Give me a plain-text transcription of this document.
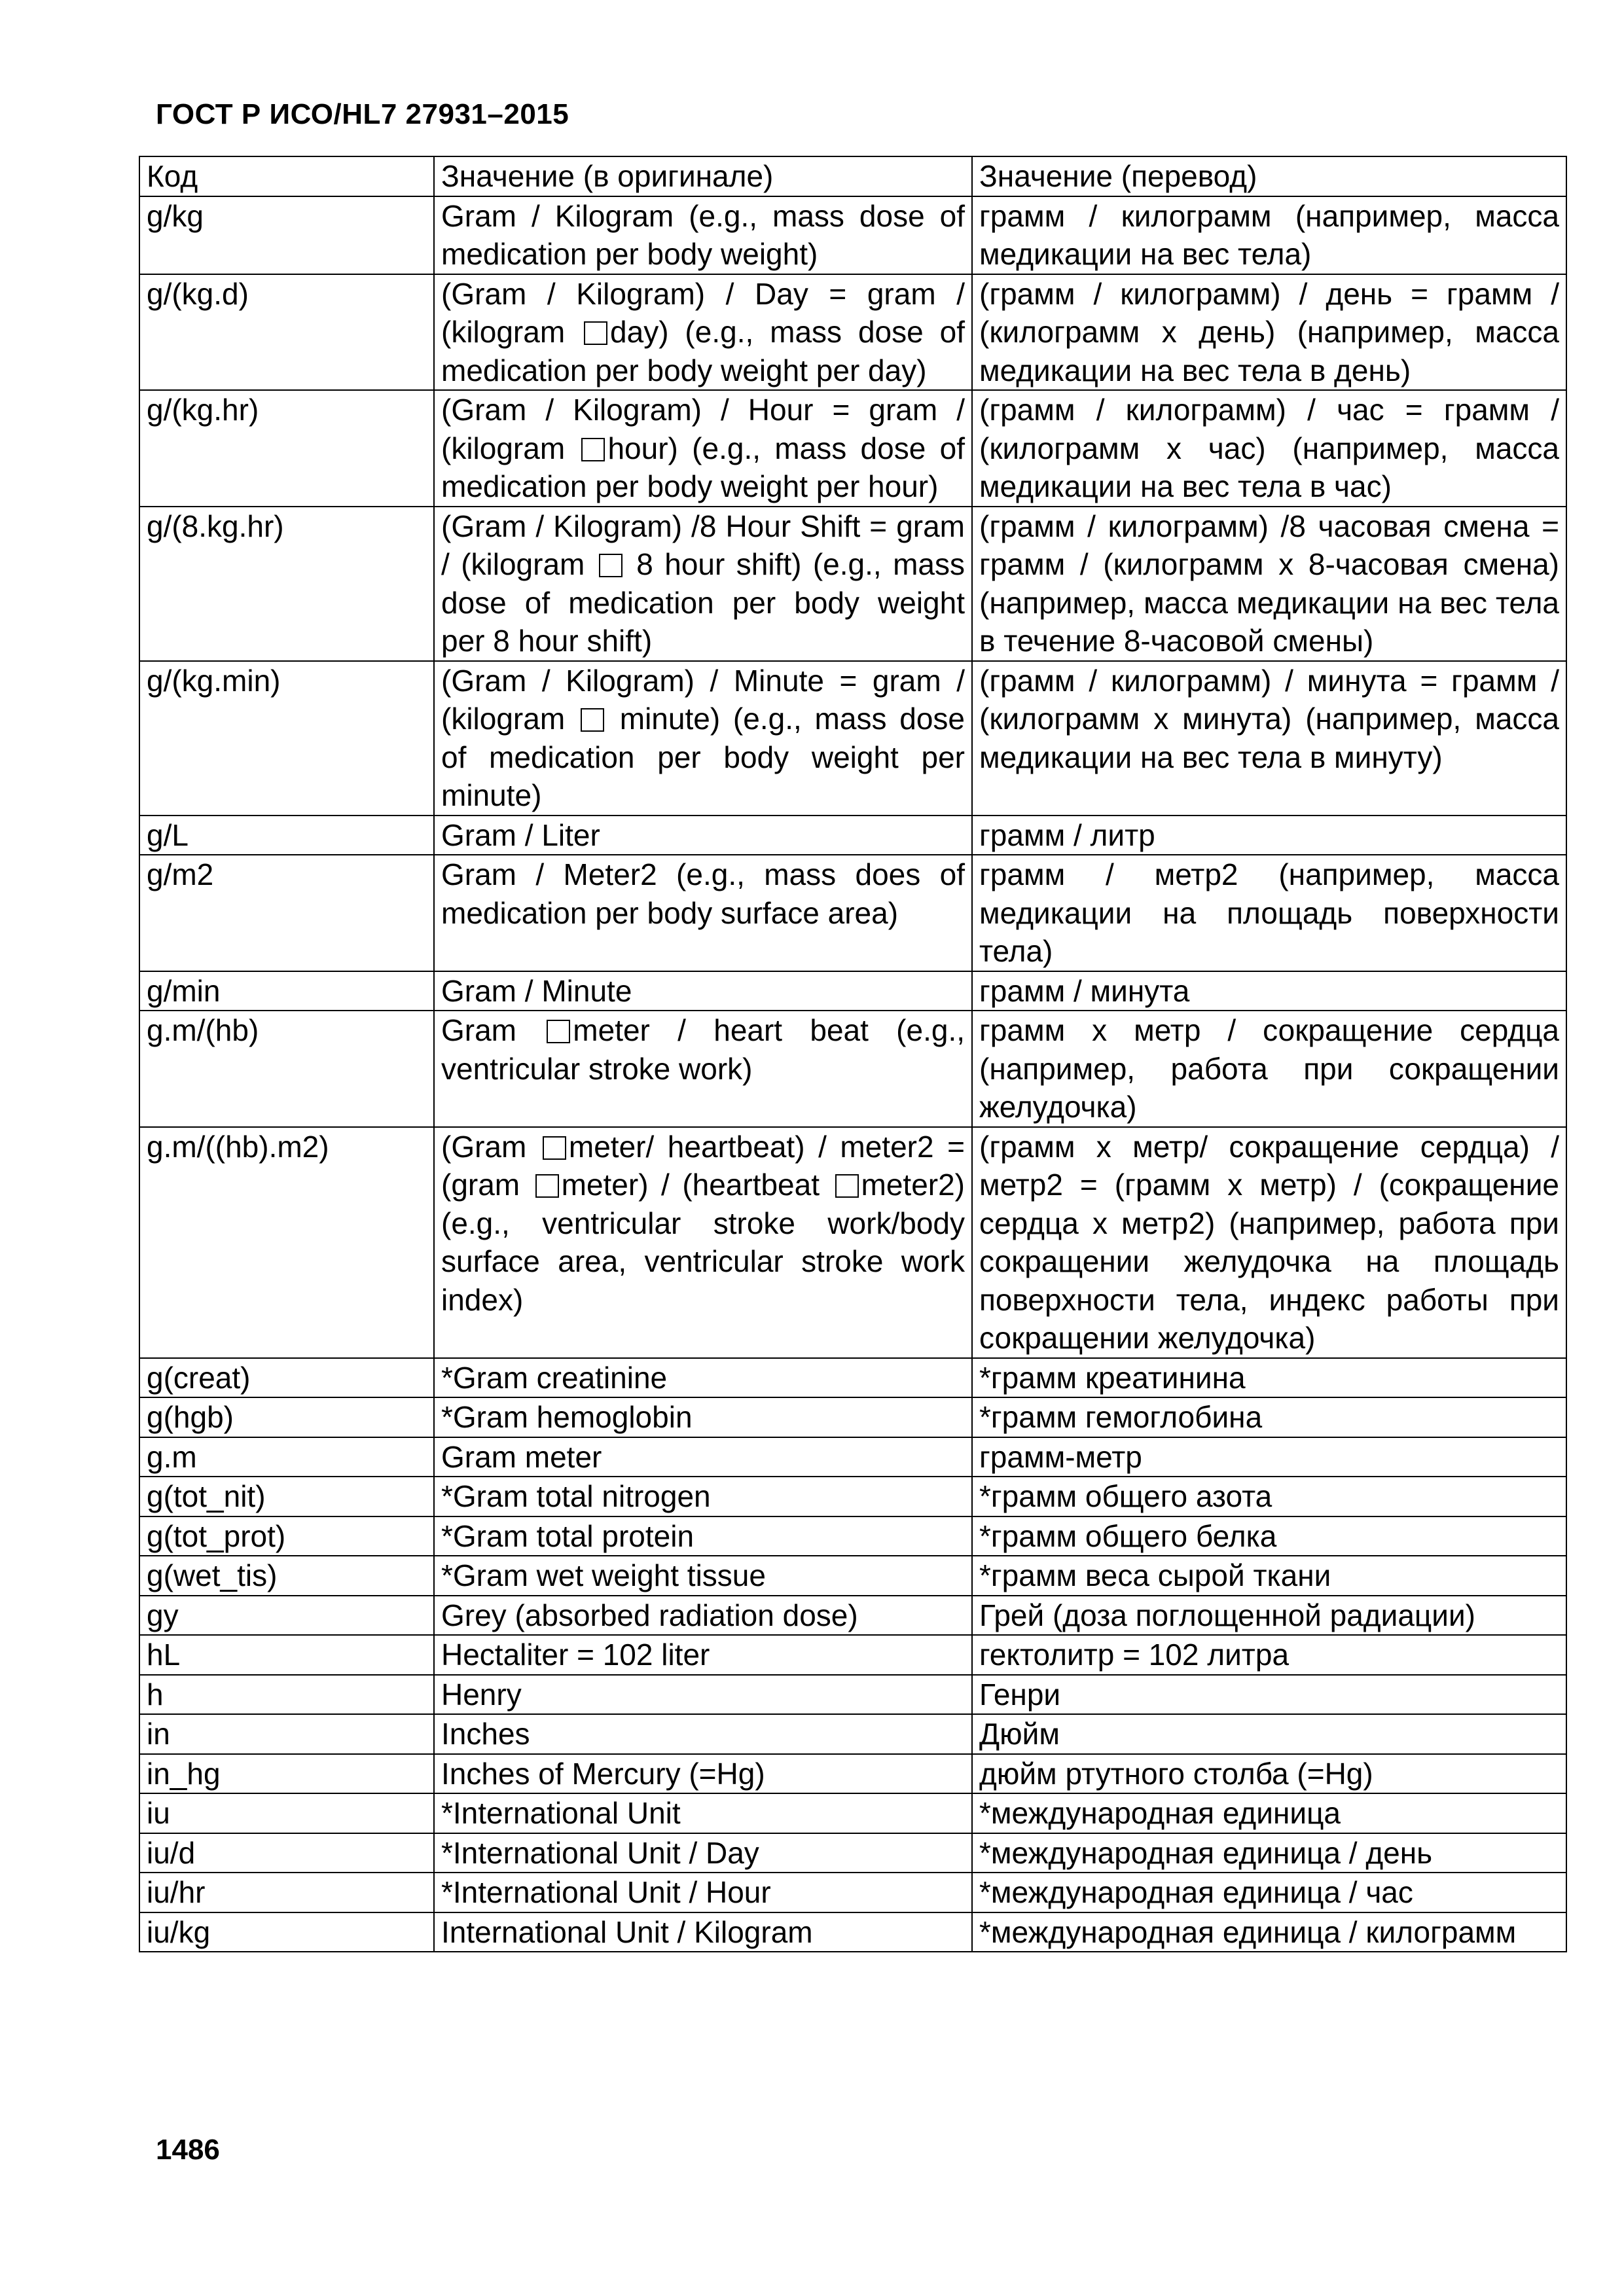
ГОСТ Р ИСО/HL7 27931–2015
Код	Значение (в оригинале)	Значение (перевод)
g/kg	Gram / Kilogram (e.g., mass dose of medication per body weight)	грамм / килограмм (например, масса медикации на вес тела)
g/(kg.d)	(Gram / Kilogram) / Day = gram / (kilogram day) (e.g., mass dose of medication per body weight per day)	(грамм / килограмм) / день = грамм / (килограмм х день) (например, масса медикации на вес тела в день)
g/(kg.hr)	(Gram / Kilogram) / Hour = gram / (kilogram hour) (e.g., mass dose of medication per body weight per hour)	(грамм / килограмм) / час = грамм / (килограмм х час) (например, масса медикации на вес тела в час)
g/(8.kg.hr)	(Gram / Kilogram) /8 Hour Shift = gram / (kilogram  8 hour shift) (e.g., mass dose of medication per body weight per 8 hour shift)	(грамм / килограмм) /8 часовая смена = грамм / (килограмм х 8-часовая смена) (например, масса медикации на вес тела в течение 8-часовой смены)
g/(kg.min)	(Gram / Kilogram) / Minute = gram / (kilogram  minute) (e.g., mass dose of medication per body weight per minute)	(грамм / килограмм) / минута = грамм / (килограмм х минута) (например, масса медикации на вес тела в минуту)
g/L	Gram / Liter	грамм / литр
g/m2	Gram / Meter2 (e.g., mass does of medication per body surface area)	грамм / метр2 (например, масса медикации на площадь поверхности тела)
g/min	Gram / Minute	грамм / минута
g.m/(hb)	Gram meter / heart beat (e.g., ventricular stroke work)	грамм х метр / сокращение сердца (например, работа при сокращении желудочка)
g.m/((hb).m2)	(Gram meter/ heartbeat) / meter2 = (gram meter) / (heartbeat meter2) (e.g., ventricular stroke work/body surface area, ventricular stroke work index)	(грамм х метр/ сокращение сердца) / метр2 = (грамм х метр) / (сокращение сердца х метр2) (например, работа при сокращении желудочка на площадь поверхности тела, индекс работы при сокращении желудочка)
g(creat)	*Gram creatinine	*грамм креатинина
g(hgb)	*Gram hemoglobin	*грамм гемоглобина
g.m	Gram meter	грамм-метр
g(tot_nit)	*Gram total nitrogen	*грамм общего азота
g(tot_prot)	*Gram total protein	*грамм общего белка
g(wet_tis)	*Gram wet weight tissue	*грамм веса сырой ткани
gy	Grey (absorbed radiation dose)	Грей (доза поглощенной радиации)
hL	Hectaliter = 102 liter	гектолитр = 102 литра
h	Henry	Генри
in	Inches	Дюйм
in_hg	Inches of Mercury (=Hg)	дюйм ртутного столба (=Hg)
iu	*International Unit	*международная единица
iu/d	*International Unit / Day	*международная единица / день
iu/hr	*International Unit / Hour	*международная единица / час
iu/kg	International Unit / Kilogram	*международная единица / килограмм
1486
